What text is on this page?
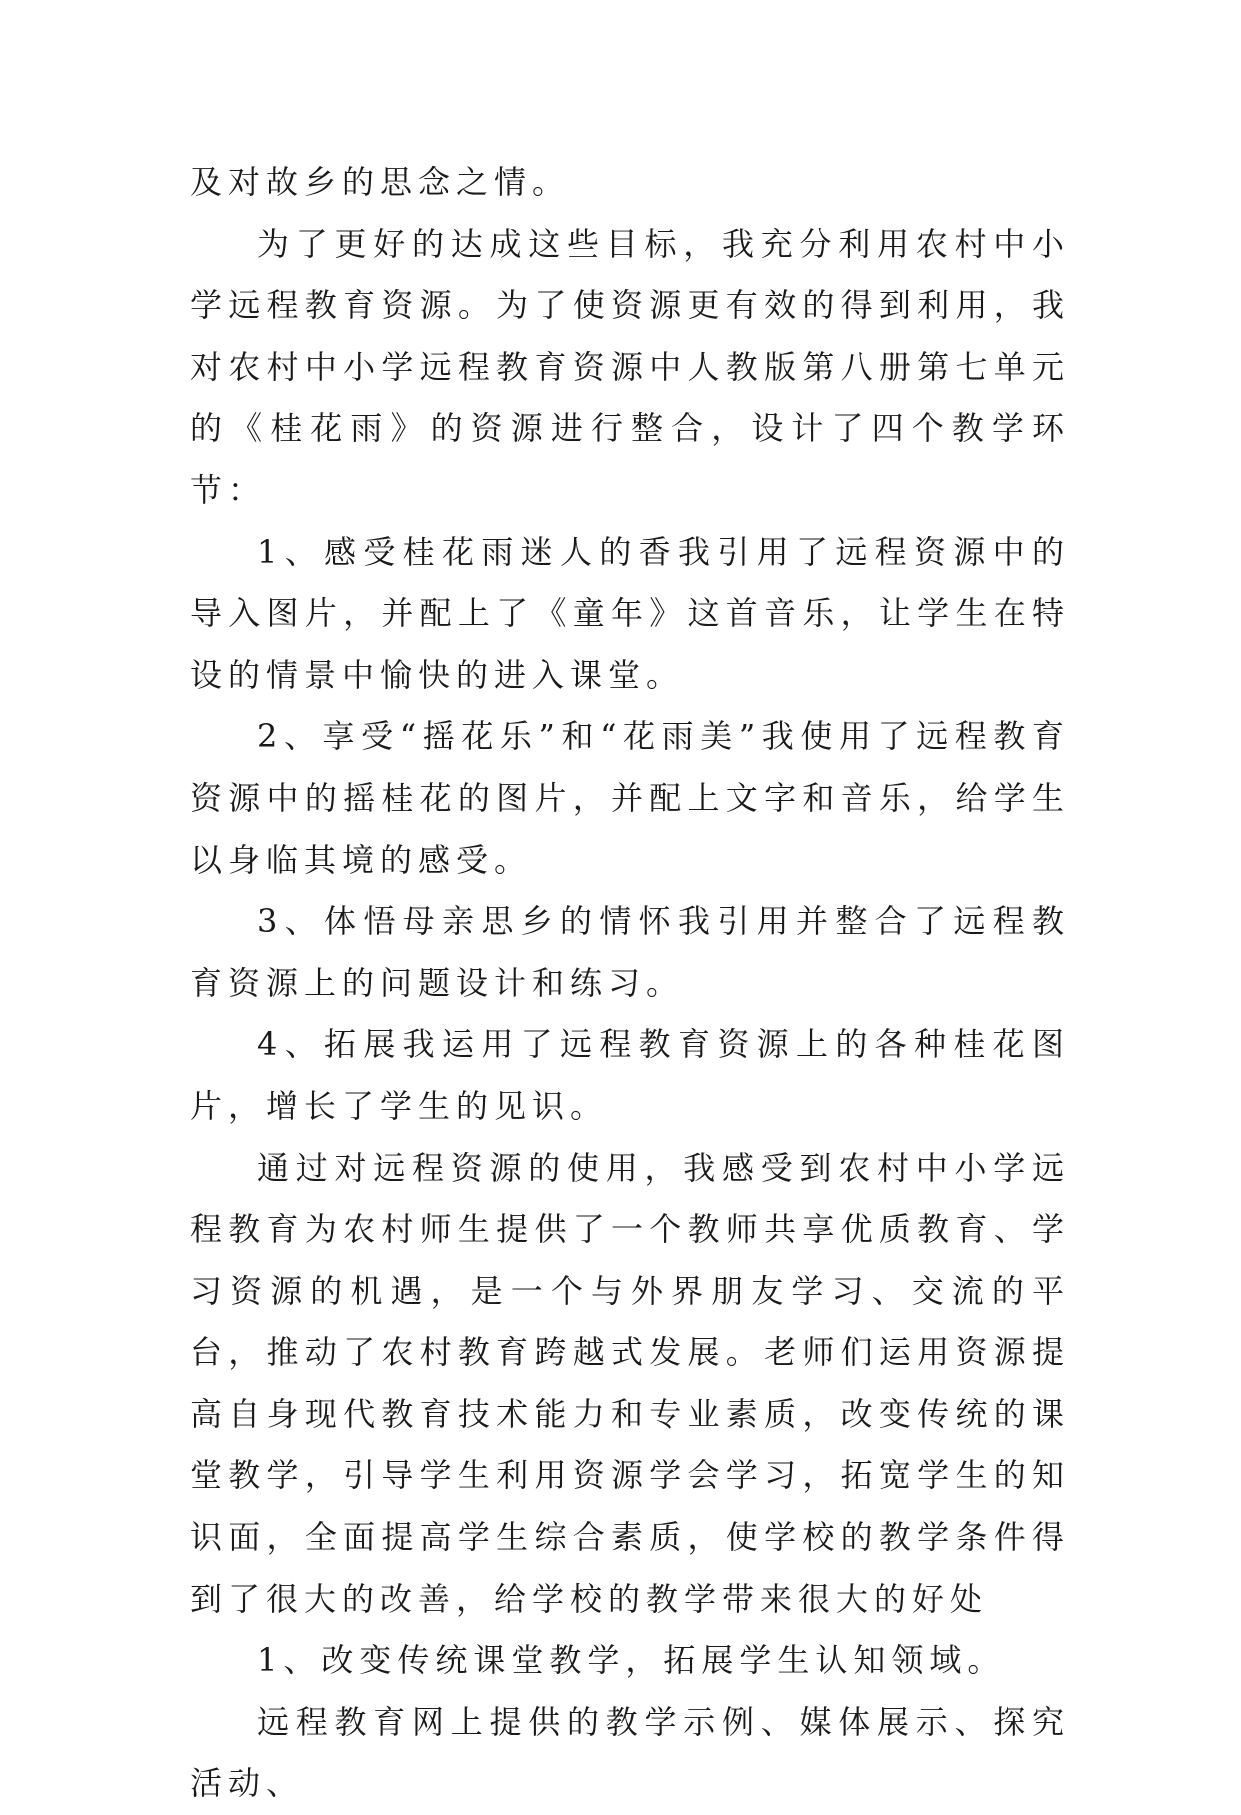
及对故乡的思念之情。

为了更好的达成这些目标，我充分利用农村中小学远程教育资源。为了使资源更有效的得到利用，我对农村中小学远程教育资源中人教版第八册第七单元的《桂花雨》的资源进行整合，设计了四个教学环节：

1、感受桂花雨迷人的香我引用了远程资源中的导入图片，并配上了《童年》这首音乐，让学生在特设的情景中愉快的进入课堂。

2、享受“摇花乐”和“花雨美”我使用了远程教育资源中的摇桂花的图片，并配上文字和音乐，给学生以身临其境的感受。

3、体悟母亲思乡的情怀我引用并整合了远程教育资源上的问题设计和练习。

4、拓展我运用了远程教育资源上的各种桂花图片，增长了学生的见识。

通过对远程资源的使用，我感受到农村中小学远程教育为农村师生提供了一个教师共享优质教育、学习资源的机遇，是一个与外界朋友学习、交流的平台，推动了农村教育跨越式发展。老师们运用资源提高自身现代教育技术能力和专业素质，改变传统的课堂教学，引导学生利用资源学会学习，拓宽学生的知识面，全面提高学生综合素质，使学校的教学条件得到了很大的改善，给学校的教学带来很大的好处

1、改变传统课堂教学，拓展学生认知领域。

远程教育网上提供的教学示例、媒体展示、探究活动、
